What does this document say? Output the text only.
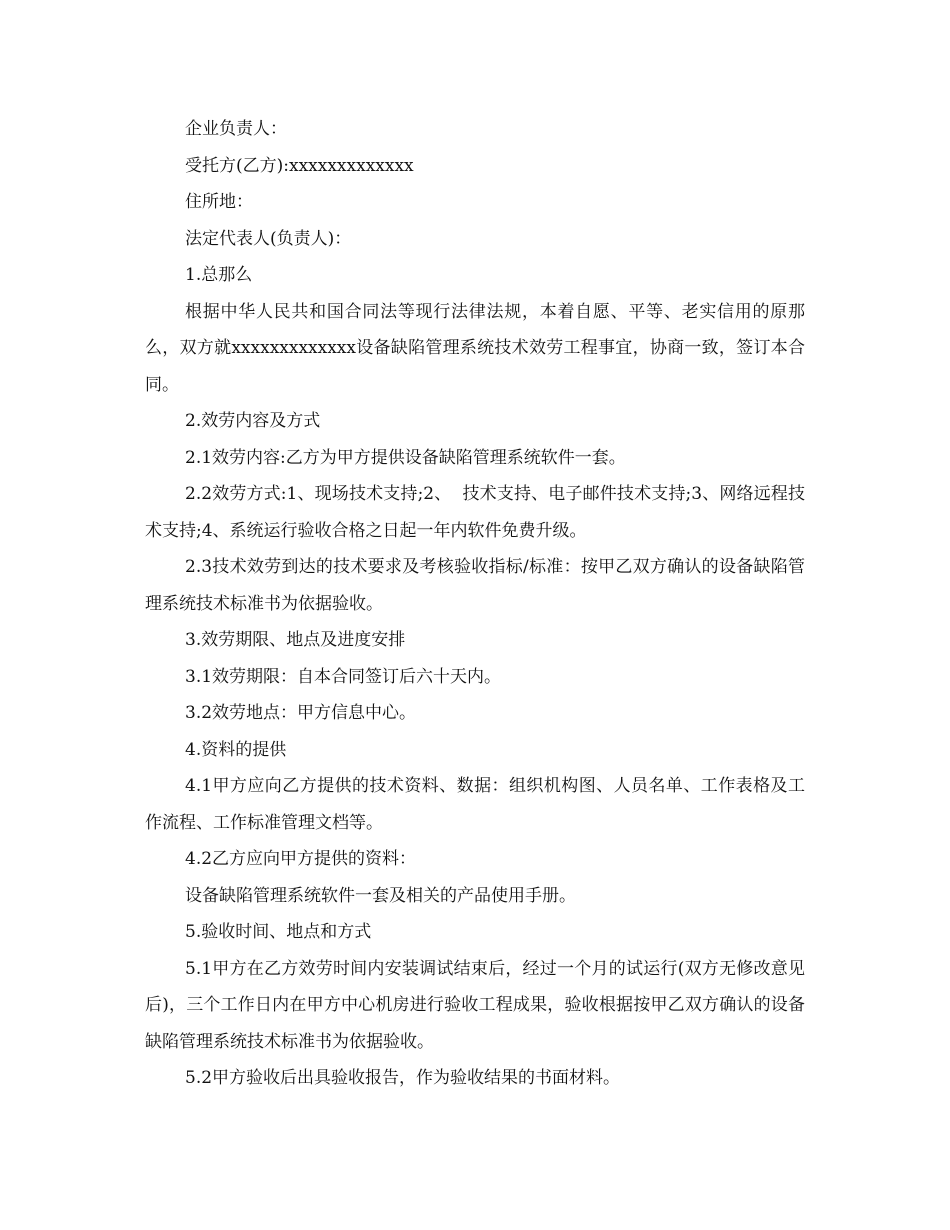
企业负责人：

受托方(乙方):xxxxxxxxxxxxx

住所地：

法定代表人(负责人)：

1.总那么

根据中华人民共和国合同法等现行法律法规，本着自愿、平等、老实信用的原那么，双方就xxxxxxxxxxxxx设备缺陷管理系统技术效劳工程事宜，协商一致，签订本合同。

2.效劳内容及方式

2.1效劳内容:乙方为甲方提供设备缺陷管理系统软件一套。

2.2效劳方式:1、现场技术支持;2、  技术支持、电子邮件技术支持;3、网络远程技术支持;4、系统运行验收合格之日起一年内软件免费升级。

2.3技术效劳到达的技术要求及考核验收指标/标准：按甲乙双方确认的设备缺陷管理系统技术标准书为依据验收。

3.效劳期限、地点及进度安排

3.1效劳期限：自本合同签订后六十天内。

3.2效劳地点：甲方信息中心。

4.资料的提供

4.1甲方应向乙方提供的技术资料、数据：组织机构图、人员名单、工作表格及工作流程、工作标准管理文档等。

4.2乙方应向甲方提供的资料：

设备缺陷管理系统软件一套及相关的产品使用手册。

5.验收时间、地点和方式

5.1甲方在乙方效劳时间内安装调试结束后，经过一个月的试运行(双方无修改意见后)，三个工作日内在甲方中心机房进行验收工程成果，验收根据按甲乙双方确认的设备缺陷管理系统技术标准书为依据验收。

5.2甲方验收后出具验收报告，作为验收结果的书面材料。
